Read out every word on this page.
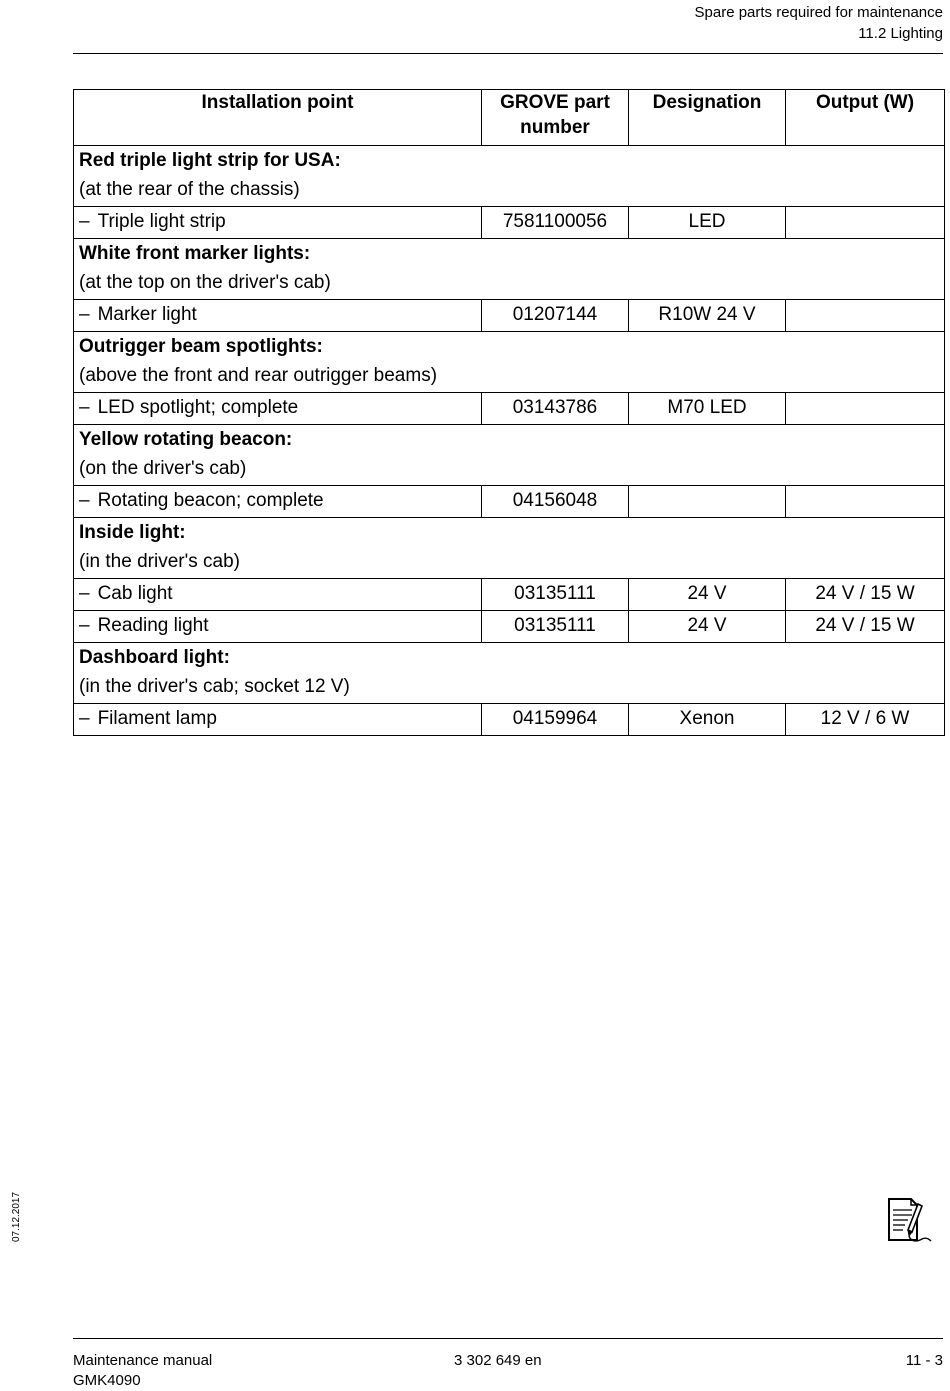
Spare parts required for maintenance
11.2 Lighting
Installation point	GROVE part number	Designation	Output (W)

Red triple light strip for USA:
(at the rear of the chassis)			

– Triple light strip	7581100056	LED	

White front marker lights:
(at the top on the driver's cab)			

– Marker light	01207144	R10W 24 V	

Outrigger beam spotlights:
(above the front and rear outrigger beams)			

– LED spotlight; complete	03143786	M70 LED	

Yellow rotating beacon:
(on the driver's cab)			

– Rotating beacon; complete	04156048		

Inside light:
(in the driver's cab)			

– Cab light	03135111	24 V	24 V / 15 W
– Reading light	03135111	24 V	24 V / 15 W

Dashboard light:
(in the driver's cab; socket 12 V)			

– Filament lamp	04159964	Xenon	12 V / 6 W
07.12.2017
Maintenance manual
GMK4090
3 302 649 en	11 - 3
